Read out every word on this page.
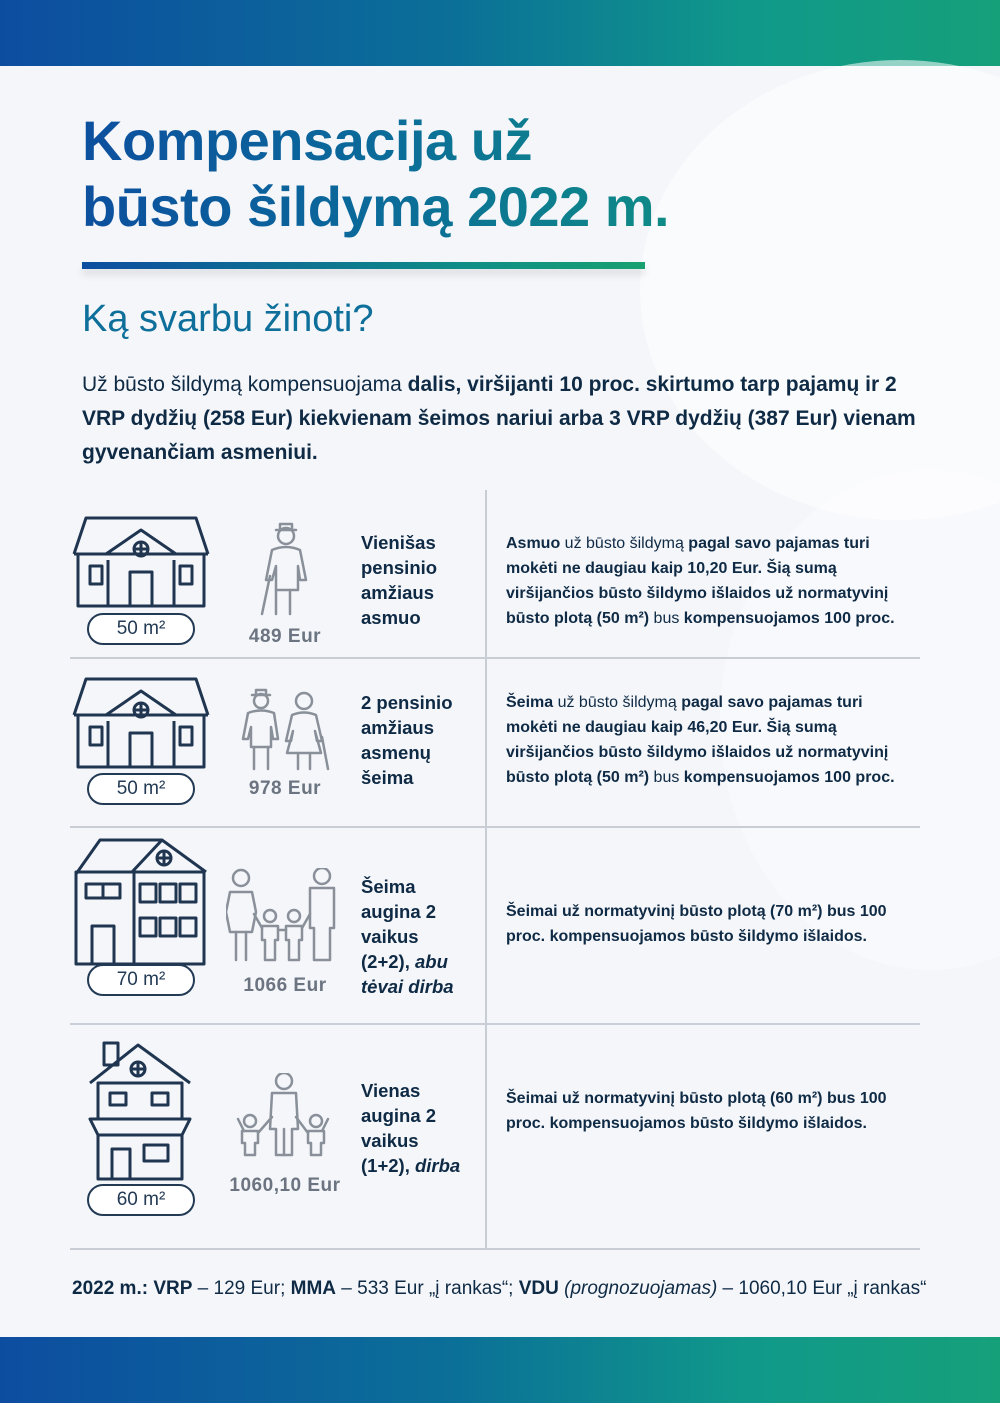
Kompensacija už
būsto šildymą 2022 m.
Ką svarbu žinoti?

Už būsto šildymą kompensuojama dalis, viršijanti 10 proc. skirtumo tarp pajamų ir 2 VRP dydžių (258 Eur) kiekvienam šeimos nariui arba 3 VRP dydžių (387 Eur) vienam gyvenančiam asmeniui.

50 m²	489 Eur
Vienišas
pensinio
amžiaus
asmuo
Asmuo už būsto šildymą pagal savo pajamas turi mokėti ne daugiau kaip 10,20 Eur. Šią sumą viršijančios būsto šildymo išlaidos už normatyvinį būsto plotą (50 m²) bus kompensuojamos 100 proc.
50 m²	978 Eur
2 pensinio
amžiaus
asmenų
šeima
Šeima už būsto šildymą pagal savo pajamas turi mokėti ne daugiau kaip 46,20 Eur. Šią sumą viršijančios būsto šildymo išlaidos už normatyvinį būsto plotą (50 m²) bus kompensuojamos 100 proc.
70 m²	1066 Eur
Šeima
augina 2
vaikus
(2+2), abu tėvai dirba
Šeimai už normatyvinį būsto plotą (70 m²) bus 100 proc. kompensuojamos būsto šildymo išlaidos.
60 m²
1060,10 Eur
Vienas
augina 2
vaikus
(1+2), dirba
Šeimai už normatyvinį būsto plotą (60 m²) bus 100 proc. kompensuojamos būsto šildymo išlaidos.
2022 m.: VRP – 129 Eur; MMA – 533 Eur „į rankas“; VDU (prognozuojamas) – 1060,10 Eur „į rankas“
